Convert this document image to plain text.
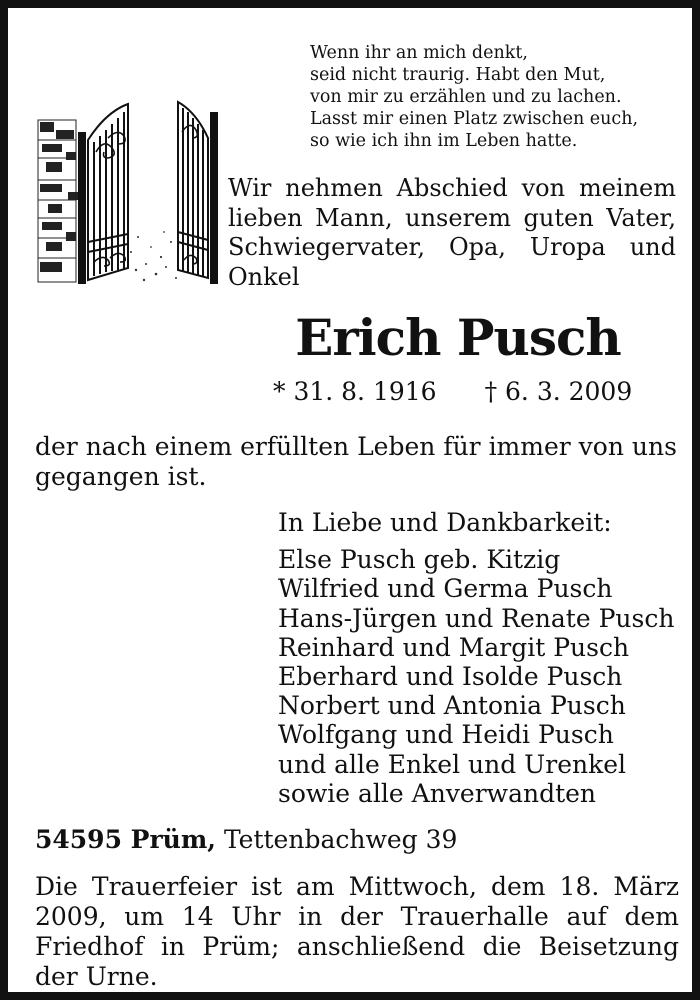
Wenn ihr an mich denkt,
seid nicht traurig. Habt den Mut,
von mir zu erzählen und zu lachen.
Lasst mir einen Platz zwischen euch,
so wie ich ihn im Leben hatte.
Wir nehmen Abschied von meinem lieben Mann, unserem guten Vater, Schwiegervater, Opa, Uropa und Onkel
Erich Pusch
* 31. 8. 1916 † 6. 3. 2009
der nach einem erfüllten Leben für immer von uns gegangen ist.
In Liebe und Dankbarkeit:
Else Pusch geb. Kitzig
Wilfried und Germa Pusch
Hans-Jürgen und Renate Pusch
Reinhard und Margit Pusch
Eberhard und Isolde Pusch
Norbert und Antonia Pusch
Wolfgang und Heidi Pusch
und alle Enkel und Urenkel
sowie alle Anverwandten
54595 Prüm, Tettenbachweg 39
Die Trauerfeier ist am Mittwoch, dem 18. März 2009, um 14 Uhr in der Trauerhalle auf dem Friedhof in Prüm; anschließend die Beisetzung der Urne.
